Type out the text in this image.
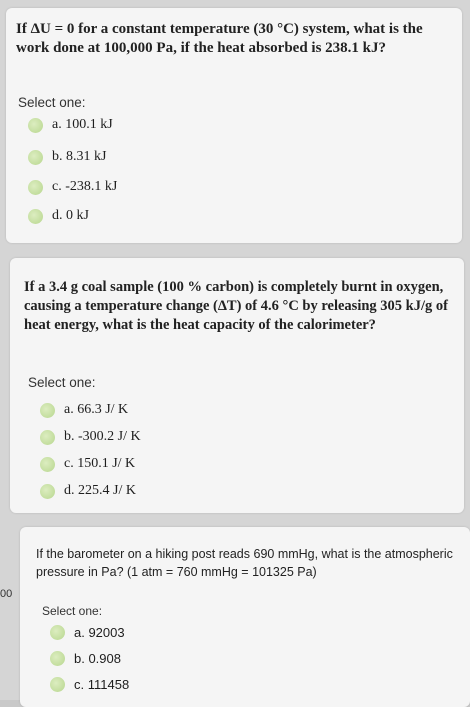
If ΔU = 0 for a constant temperature (30 °C) system, what is the work done at 100,000 Pa, if the heat absorbed is 238.1 kJ?
Select one:
a. 100.1 kJ
b. 8.31 kJ
c. -238.1 kJ
d. 0 kJ
If a 3.4 g coal sample (100 % carbon) is completely burnt in oxygen, causing a temperature change (ΔT) of 4.6 °C by releasing 305 kJ/g of heat energy, what is the heat capacity of the calorimeter?
Select one:
a. 66.3 J/ K
b. -300.2 J/ K
c. 150.1 J/ K
d. 225.4 J/ K
If the barometer on a hiking post reads 690 mmHg, what is the atmospheric pressure in Pa? (1 atm = 760 mmHg = 101325 Pa)
Select one:
a. 92003
b. 0.908
c. 111458
00
